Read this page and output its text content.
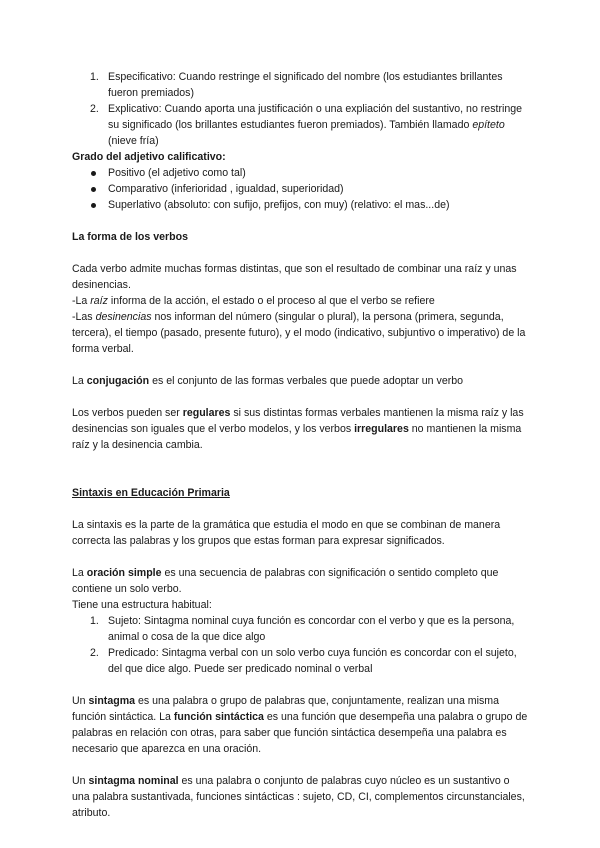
1. Especificativo: Cuando restringe el significado del nombre (los estudiantes brillantes fueron premiados)
2. Explicativo: Cuando aporta una justificación o una expliación del sustantivo, no restringe su significado (los brillantes estudiantes fueron premiados). También llamado epíteto (nieve fría)

Grado del adjetivo calificativo:

Positivo (el adjetivo como tal)
Comparativo (inferioridad , igualdad, superioridad)
Superlativo (absoluto: con sufijo, prefijos, con muy) (relativo: el mas...de)

La forma de los verbos

Cada verbo admite muchas formas distintas, que son el resultado de combinar una raíz y unas desinencias.

-La raíz informa de la acción, el estado o el proceso al que el verbo se refiere

-Las desinencias nos informan del número (singular o plural), la persona (primera, segunda, tercera), el tiempo (pasado, presente futuro), y el modo (indicativo, subjuntivo o imperativo) de la forma verbal.

La conjugación es el conjunto de las formas verbales que puede adoptar un verbo

Los verbos pueden ser regulares si sus distintas formas verbales mantienen la misma raíz y las desinencias son iguales que el verbo modelos, y los verbos irregulares no mantienen la misma raíz y la desinencia cambia.

Sintaxis en Educación Primaria

La sintaxis es la parte de la gramática que estudia el modo en que se combinan de manera correcta las palabras y los grupos que estas forman para expresar significados.

La oración simple es una secuencia de palabras con significación o sentido completo que contiene un solo verbo.

Tiene una estructura habitual:

1. Sujeto: Sintagma nominal cuya función es concordar con el verbo y que es la persona, animal o cosa de la que dice algo
2. Predicado: Sintagma verbal con un solo verbo cuya función es concordar con el sujeto, del que dice algo. Puede ser predicado nominal o verbal

Un sintagma es una palabra o grupo de palabras que, conjuntamente, realizan una misma función sintáctica. La función sintáctica es una función que desempeña una palabra o grupo de palabras en relación con otras, para saber que función sintáctica desempeña una palabra es necesario que aparezca en una oración.

Un sintagma nominal es una palabra o conjunto de palabras cuyo núcleo es un sustantivo o una palabra sustantivada, funciones sintácticas : sujeto, CD, CI, complementos circunstanciales, atributo.
